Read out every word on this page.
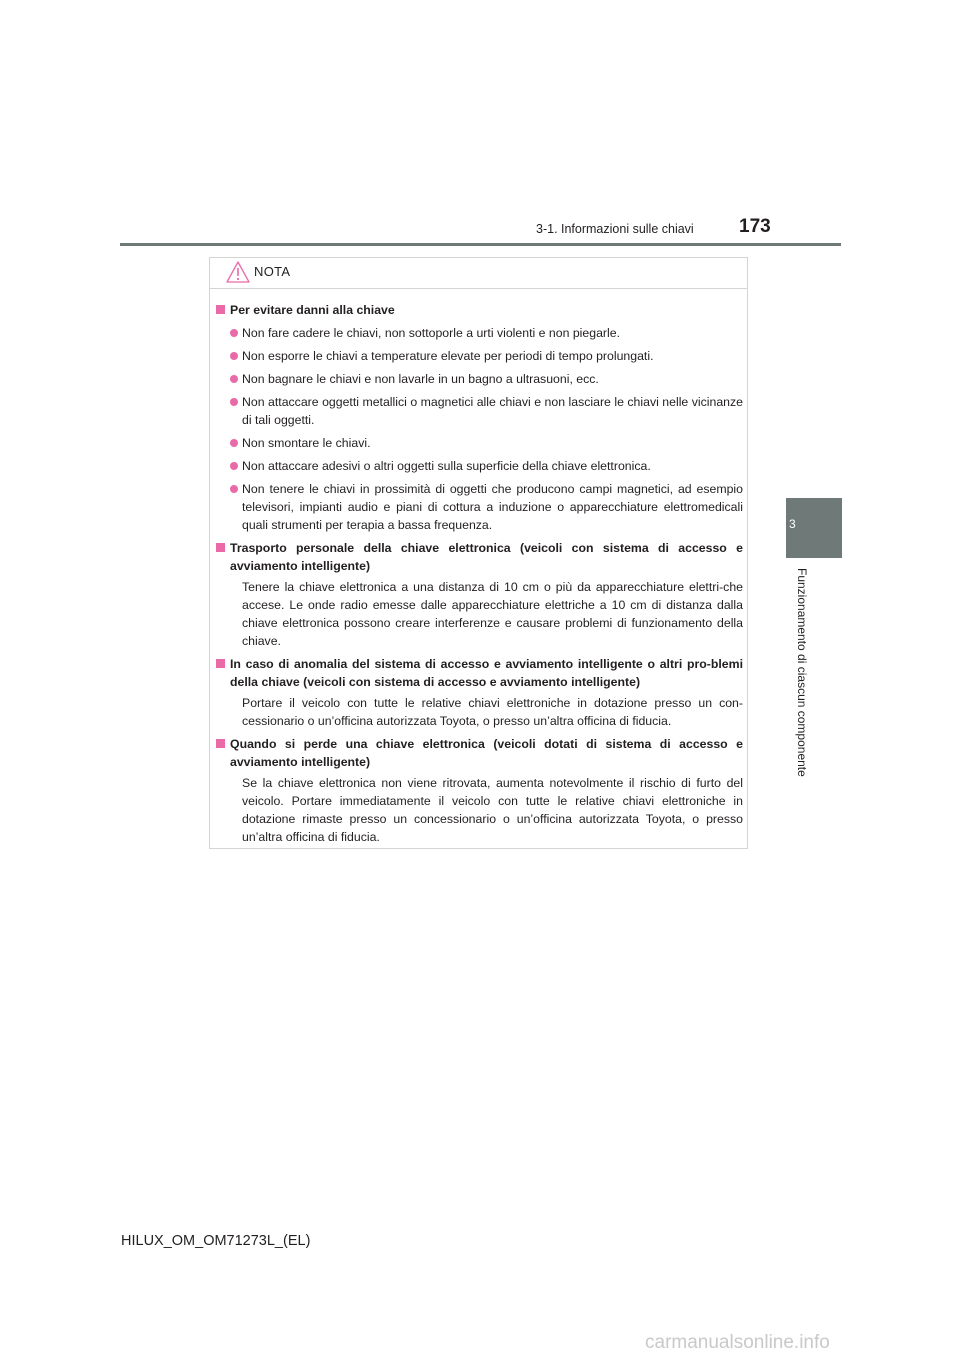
3-1. Informazioni sulle chiavi 173
3
Funzionamento di ciascun componente
NOTA
Per evitare danni alla chiave
Non fare cadere le chiavi, non sottoporle a urti violenti e non piegarle.
Non esporre le chiavi a temperature elevate per periodi di tempo prolungati.
Non bagnare le chiavi e non lavarle in un bagno a ultrasuoni, ecc.
Non attaccare oggetti metallici o magnetici alle chiavi e non lasciare le chiavi nelle vicinanze di tali oggetti.
Non smontare le chiavi.
Non attaccare adesivi o altri oggetti sulla superficie della chiave elettronica.
Non tenere le chiavi in prossimità di oggetti che producono campi magnetici, ad esempio televisori, impianti audio e piani di cottura a induzione o apparecchiature elettromedicali quali strumenti per terapia a bassa frequenza.
Trasporto personale della chiave elettronica (veicoli con sistema di accesso e avviamento intelligente)
Tenere la chiave elettronica a una distanza di 10 cm o più da apparecchiature elettri-che accese. Le onde radio emesse dalle apparecchiature elettriche a 10 cm di distanza dalla chiave elettronica possono creare interferenze e causare problemi di funzionamento della chiave.
In caso di anomalia del sistema di accesso e avviamento intelligente o altri pro-blemi della chiave (veicoli con sistema di accesso e avviamento intelligente)
Portare il veicolo con tutte le relative chiavi elettroniche in dotazione presso un con-cessionario o un’officina autorizzata Toyota, o presso un’altra officina di fiducia.
Quando si perde una chiave elettronica (veicoli dotati di sistema di accesso e avviamento intelligente)
Se la chiave elettronica non viene ritrovata, aumenta notevolmente il rischio di furto del veicolo. Portare immediatamente il veicolo con tutte le relative chiavi elettroniche in dotazione rimaste presso un concessionario o un’officina autorizzata Toyota, o presso un’altra officina di fiducia.
HILUX_OM_OM71273L_(EL)
carmanualsonline.info
